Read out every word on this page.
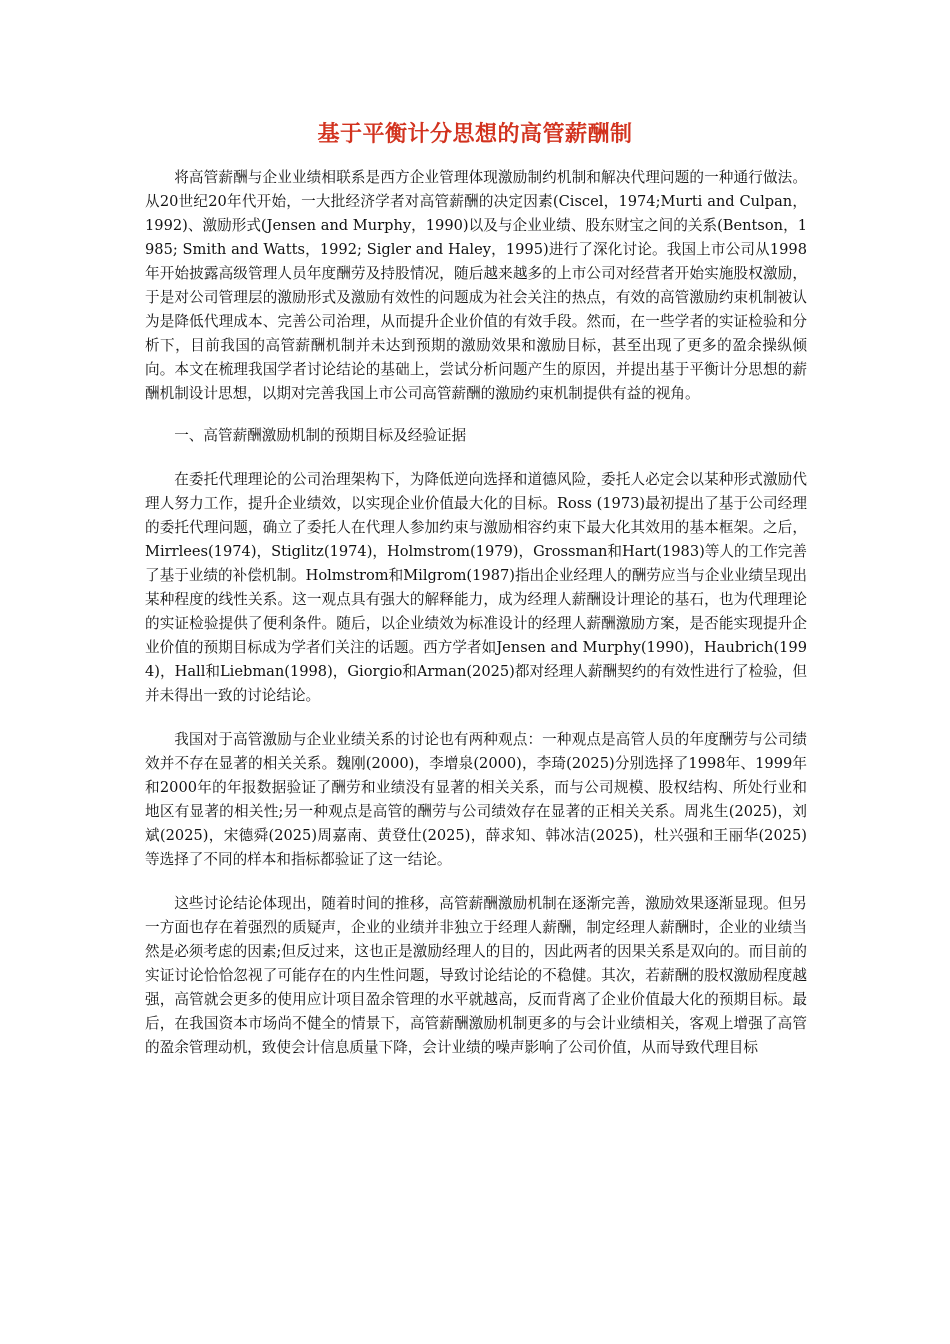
基于平衡计分思想的高管薪酬制

将高管薪酬与企业业绩相联系是西方企业管理体现激励制约机制和解决代理问题的一种通行做法。从20世纪20年代开始，一大批经济学者对高管薪酬的决定因素(Ciscel，1974;Murti and Culpan，1992)、激励形式(Jensen and Murphy，1990)以及与企业业绩、股东财宝之间的关系(Bentson，1985; Smith and Watts，1992; Sigler and Haley，1995)进行了深化讨论。我国上市公司从1998年开始披露高级管理人员年度酬劳及持股情况，随后越来越多的上市公司对经营者开始实施股权激励，于是对公司管理层的激励形式及激励有效性的问题成为社会关注的热点，有效的高管激励约束机制被认为是降低代理成本、完善公司治理，从而提升企业价值的有效手段。然而，在一些学者的实证检验和分析下，目前我国的高管薪酬机制并未达到预期的激励效果和激励目标，甚至出现了更多的盈余操纵倾向。本文在梳理我国学者讨论结论的基础上，尝试分析问题产生的原因，并提出基于平衡计分思想的薪酬机制设计思想，以期对完善我国上市公司高管薪酬的激励约束机制提供有益的视角。

一、高管薪酬激励机制的预期目标及经验证据

在委托代理理论的公司治理架构下，为降低逆向选择和道德风险，委托人必定会以某种形式激励代理人努力工作，提升企业绩效，以实现企业价值最大化的目标。Ross (1973)最初提出了基于公司经理的委托代理问题，确立了委托人在代理人参加约束与激励相容约束下最大化其效用的基本框架。之后，Mirrlees(1974)，Stiglitz(1974)，Holmstrom(1979)，Grossman和Hart(1983)等人的工作完善了基于业绩的补偿机制。Holmstrom和Milgrom(1987)指出企业经理人的酬劳应当与企业业绩呈现出某种程度的线性关系。这一观点具有强大的解释能力，成为经理人薪酬设计理论的基石，也为代理理论的实证检验提供了便利条件。随后，以企业绩效为标准设计的经理人薪酬激励方案，是否能实现提升企业价值的预期目标成为学者们关注的话题。西方学者如Jensen and Murphy(1990)，Haubrich(1994)，Hall和Liebman(1998)，Giorgio和Arman(2025)都对经理人薪酬契约的有效性进行了检验，但并未得出一致的讨论结论。

我国对于高管激励与企业业绩关系的讨论也有两种观点：一种观点是高管人员的年度酬劳与公司绩效并不存在显著的相关关系。魏刚(2000)，李增泉(2000)，李琦(2025)分别选择了1998年、1999年和2000年的年报数据验证了酬劳和业绩没有显著的相关关系，而与公司规模、股权结构、所处行业和地区有显著的相关性;另一种观点是高管的酬劳与公司绩效存在显著的正相关关系。周兆生(2025)，刘斌(2025)，宋德舜(2025)周嘉南、黄登仕(2025)，薛求知、韩冰洁(2025)，杜兴强和王丽华(2025)等选择了不同的样本和指标都验证了这一结论。

这些讨论结论体现出，随着时间的推移，高管薪酬激励机制在逐渐完善，激励效果逐渐显现。但另一方面也存在着强烈的质疑声，企业的业绩并非独立于经理人薪酬，制定经理人薪酬时，企业的业绩当然是必须考虑的因素;但反过来，这也正是激励经理人的目的，因此两者的因果关系是双向的。而目前的实证讨论恰恰忽视了可能存在的内生性问题，导致讨论结论的不稳健。其次，若薪酬的股权激励程度越强，高管就会更多的使用应计项目盈余管理的水平就越高，反而背离了企业价值最大化的预期目标。最后，在我国资本市场尚不健全的情景下，高管薪酬激励机制更多的与会计业绩相关，客观上增强了高管的盈余管理动机，致使会计信息质量下降，会计业绩的噪声影响了公司价值，从而导致代理目标
